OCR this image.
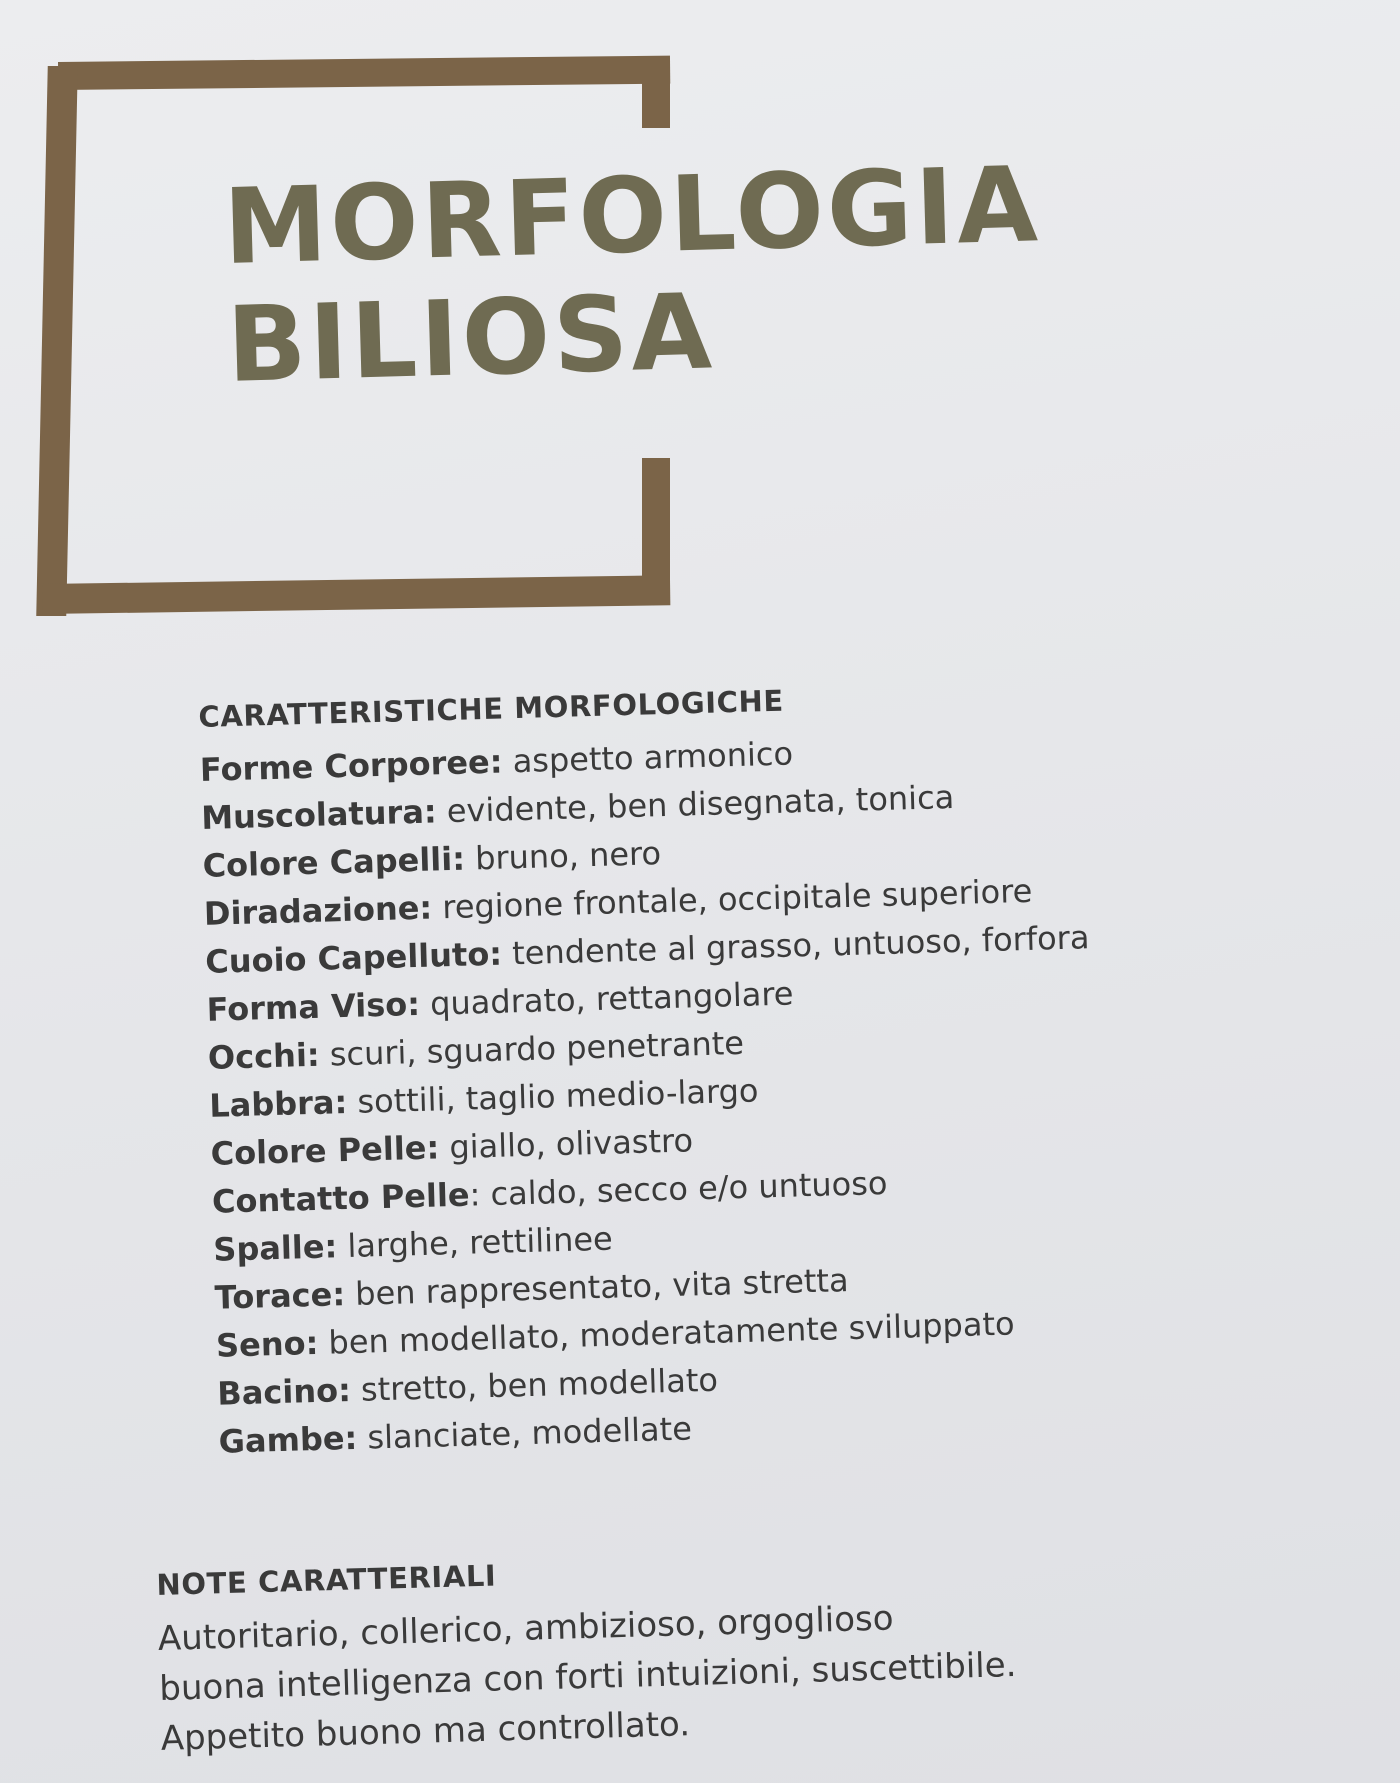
MORFOLOGIA
BILIOSA
CARATTERISTICHE MORFOLOGICHE
Forme Corporee: aspetto armonico
Muscolatura: evidente, ben disegnata, tonica
Colore Capelli: bruno, nero
Diradazione: regione frontale, occipitale superiore
Cuoio Capelluto: tendente al grasso, untuoso, forfora
Forma Viso: quadrato, rettangolare
Occhi: scuri, sguardo penetrante
Labbra: sottili, taglio medio-largo
Colore Pelle: giallo, olivastro
Contatto Pelle: caldo, secco e/o untuoso
Spalle: larghe, rettilinee
Torace: ben rappresentato, vita stretta
Seno: ben modellato, moderatamente sviluppato
Bacino: stretto, ben modellato
Gambe: slanciate, modellate
NOTE CARATTERIALI
Autoritario, collerico, ambizioso, orgoglioso
buona intelligenza con forti intuizioni, suscettibile.
Appetito buono ma controllato.
